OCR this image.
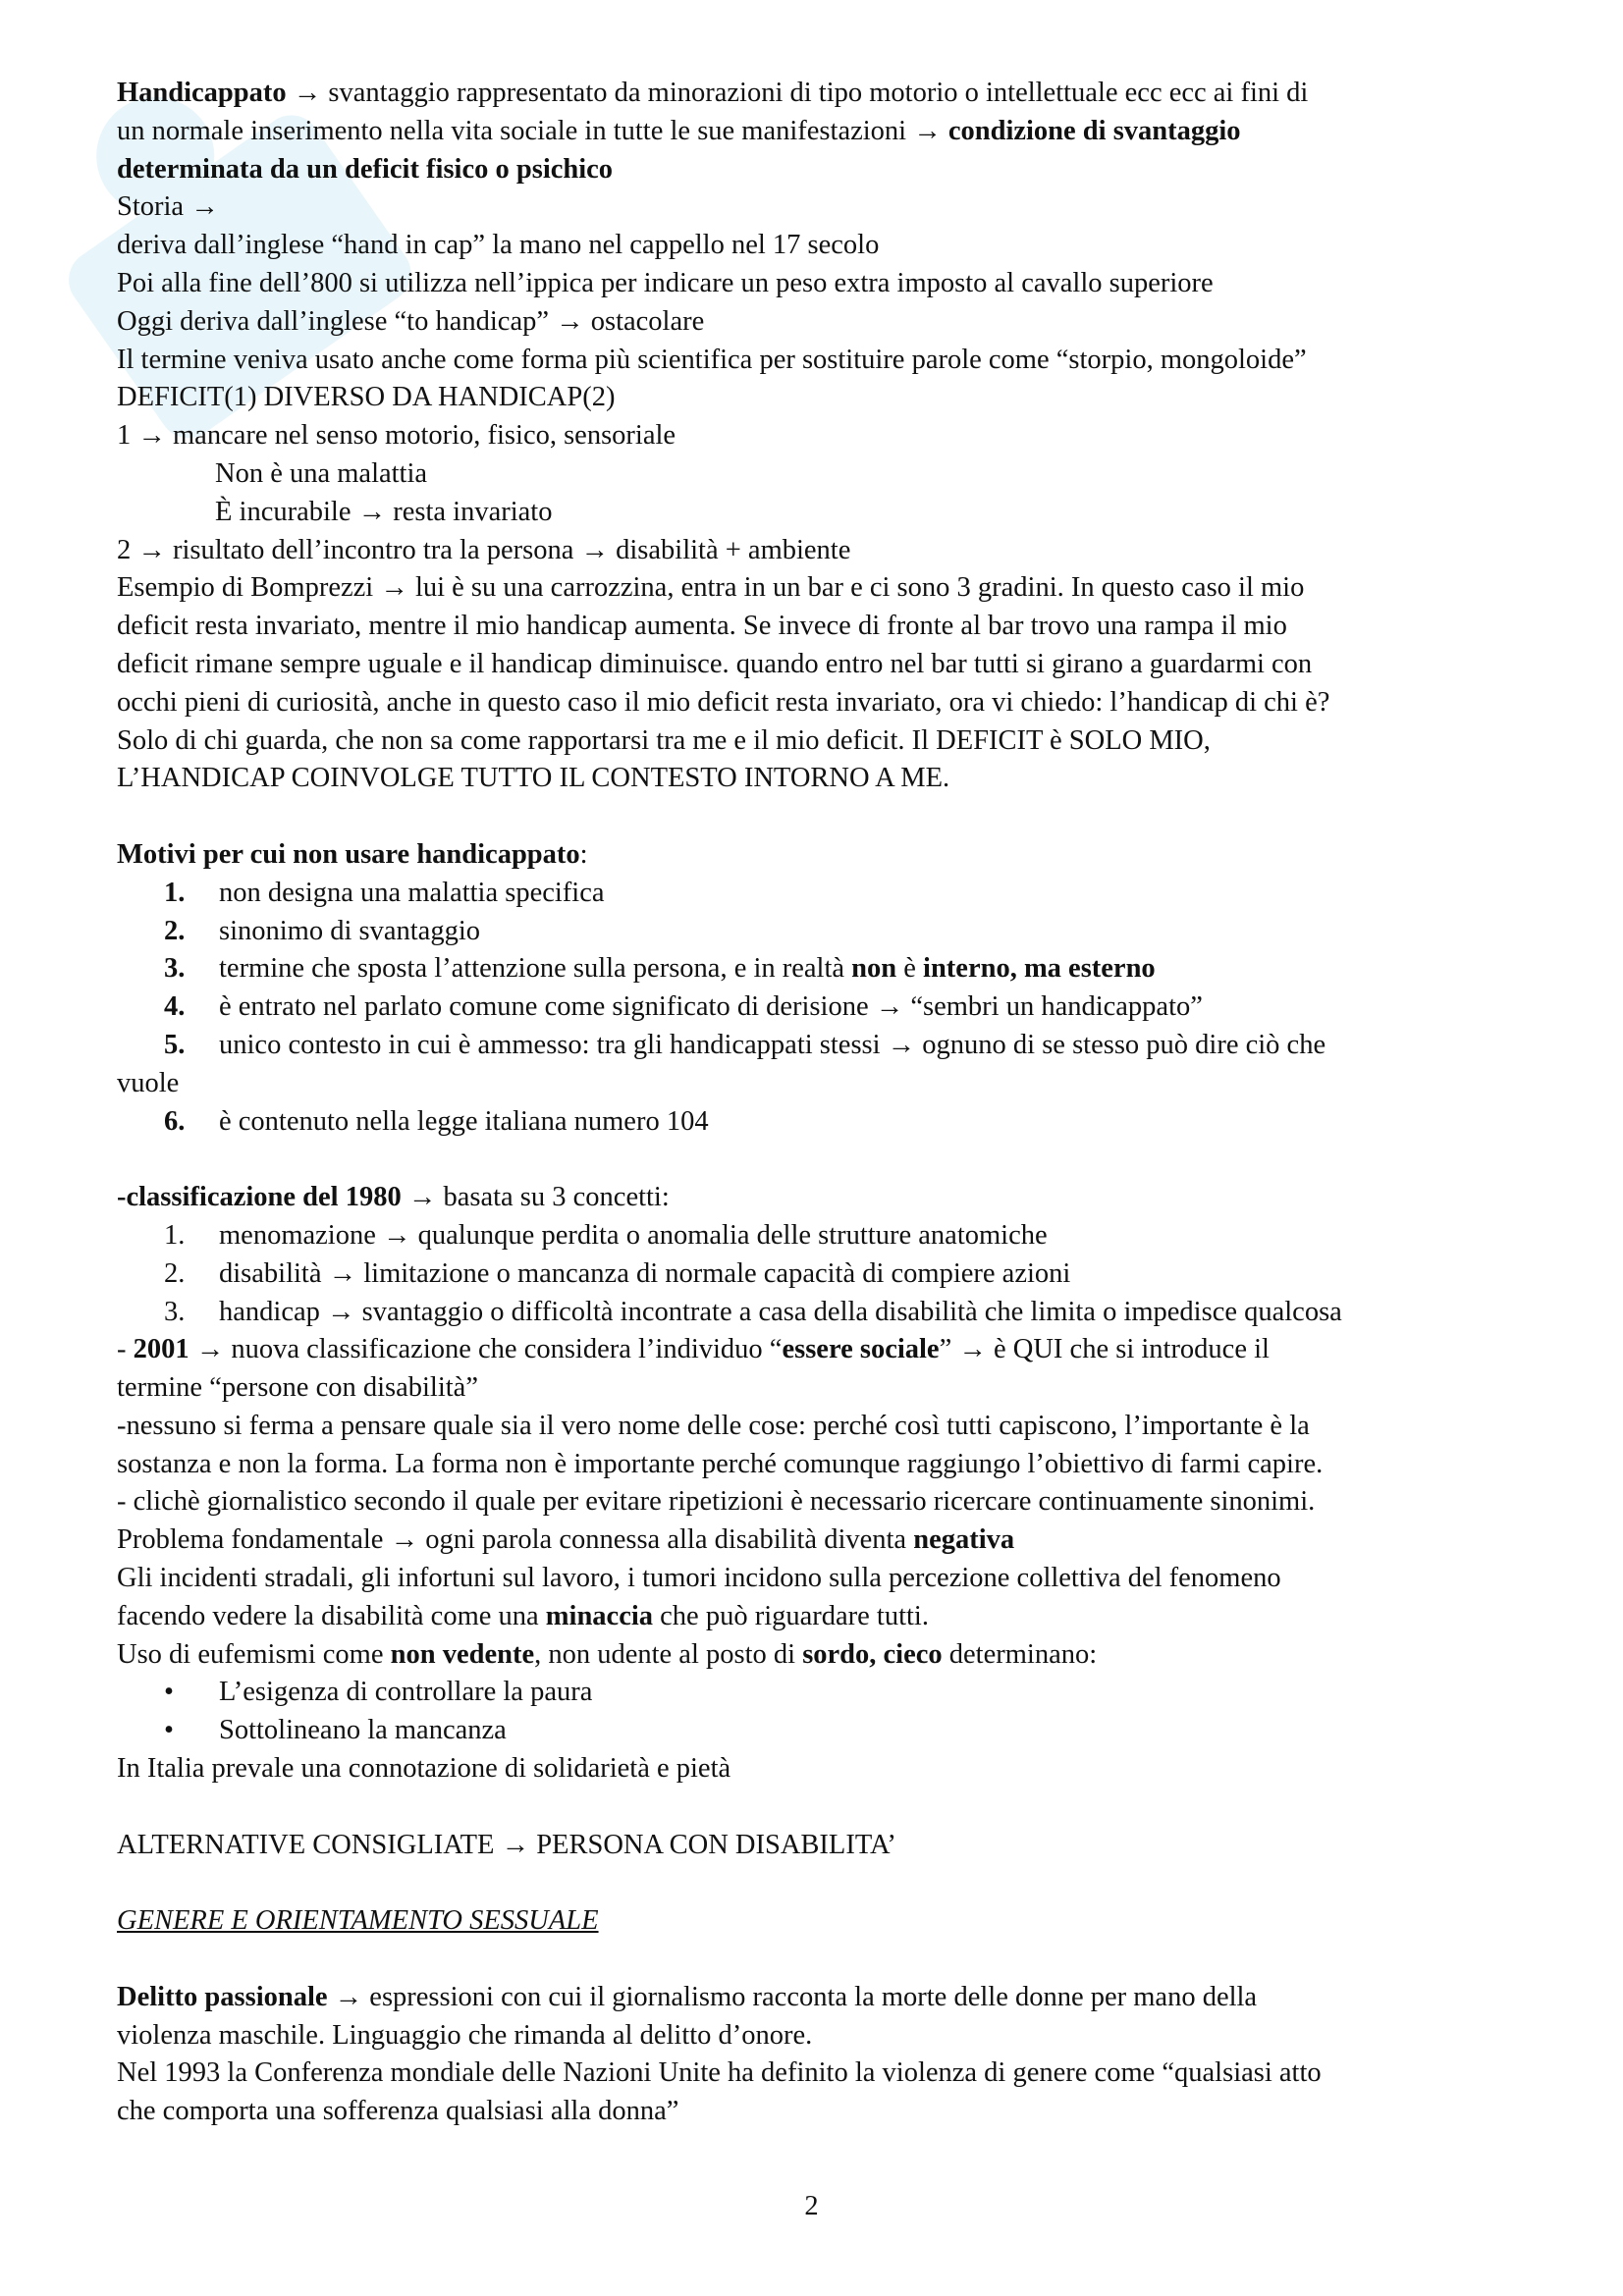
Handicappato → svantaggio rappresentato da minorazioni di tipo motorio o intellettuale ecc ecc ai fini di
un normale inserimento nella vita sociale in tutte le sue manifestazioni → condizione di svantaggio
determinata da un deficit fisico o psichico
Storia →
deriva dall’inglese “hand in cap” la mano nel cappello nel 17 secolo
Poi alla fine dell’800 si utilizza nell’ippica per indicare un peso extra imposto al cavallo superiore
Oggi deriva dall’inglese “to handicap” → ostacolare
Il termine veniva usato anche come forma più scientifica per sostituire parole come “storpio, mongoloide”
DEFICIT(1) DIVERSO DA HANDICAP(2)
1 → mancare nel senso motorio, fisico, sensoriale
Non è una malattia
È incurabile → resta invariato
2 → risultato dell’incontro tra la persona → disabilità + ambiente
Esempio di Bomprezzi → lui è su una carrozzina, entra in un bar e ci sono 3 gradini. In questo caso il mio
deficit resta invariato, mentre il mio handicap aumenta. Se invece di fronte al bar trovo una rampa il mio
deficit rimane sempre uguale e il handicap diminuisce. quando entro nel bar tutti si girano a guardarmi con
occhi pieni di curiosità, anche in questo caso il mio deficit resta invariato, ora vi chiedo: l’handicap di chi è?
Solo di chi guarda, che non sa come rapportarsi tra me e il mio deficit. Il DEFICIT è SOLO MIO,
L’HANDICAP COINVOLGE TUTTO IL CONTESTO INTORNO A ME.
Motivi per cui non usare handicappato:
1. non designa una malattia specifica
2. sinonimo di svantaggio
3. termine che sposta l’attenzione sulla persona, e in realtà non è interno, ma esterno
4. è entrato nel parlato comune come significato di derisione → “sembri un handicappato”
5. unico contesto in cui è ammesso: tra gli handicappati stessi → ognuno di se stesso può dire ciò che
vuole
6. è contenuto nella legge italiana numero 104
-classificazione del 1980 → basata su 3 concetti:
1. menomazione → qualunque perdita o anomalia delle strutture anatomiche
2. disabilità → limitazione o mancanza di normale capacità di compiere azioni
3. handicap → svantaggio o difficoltà incontrate a casa della disabilità che limita o impedisce qualcosa
- 2001 → nuova classificazione che considera l’individuo “essere sociale” → è QUI che si introduce il
termine “persone con disabilità”
-nessuno si ferma a pensare quale sia il vero nome delle cose: perché così tutti capiscono, l’importante è la
sostanza e non la forma. La forma non è importante perché comunque raggiungo l’obiettivo di farmi capire.
- clichè giornalistico secondo il quale per evitare ripetizioni è necessario ricercare continuamente sinonimi.
Problema fondamentale → ogni parola connessa alla disabilità diventa negativa
Gli incidenti stradali, gli infortuni sul lavoro, i tumori incidono sulla percezione collettiva del fenomeno
facendo vedere la disabilità come una minaccia che può riguardare tutti.
Uso di eufemismi come non vedente, non udente al posto di sordo, cieco determinano:
• L’esigenza di controllare la paura
• Sottolineano la mancanza
In Italia prevale una connotazione di solidarietà e pietà
ALTERNATIVE CONSIGLIATE → PERSONA CON DISABILITA’
GENERE E ORIENTAMENTO SESSUALE
Delitto passionale → espressioni con cui il giornalismo racconta la morte delle donne per mano della
violenza maschile. Linguaggio che rimanda al delitto d’onore.
Nel 1993 la Conferenza mondiale delle Nazioni Unite ha definito la violenza di genere come “qualsiasi atto
che comporta una sofferenza qualsiasi alla donna”
2
